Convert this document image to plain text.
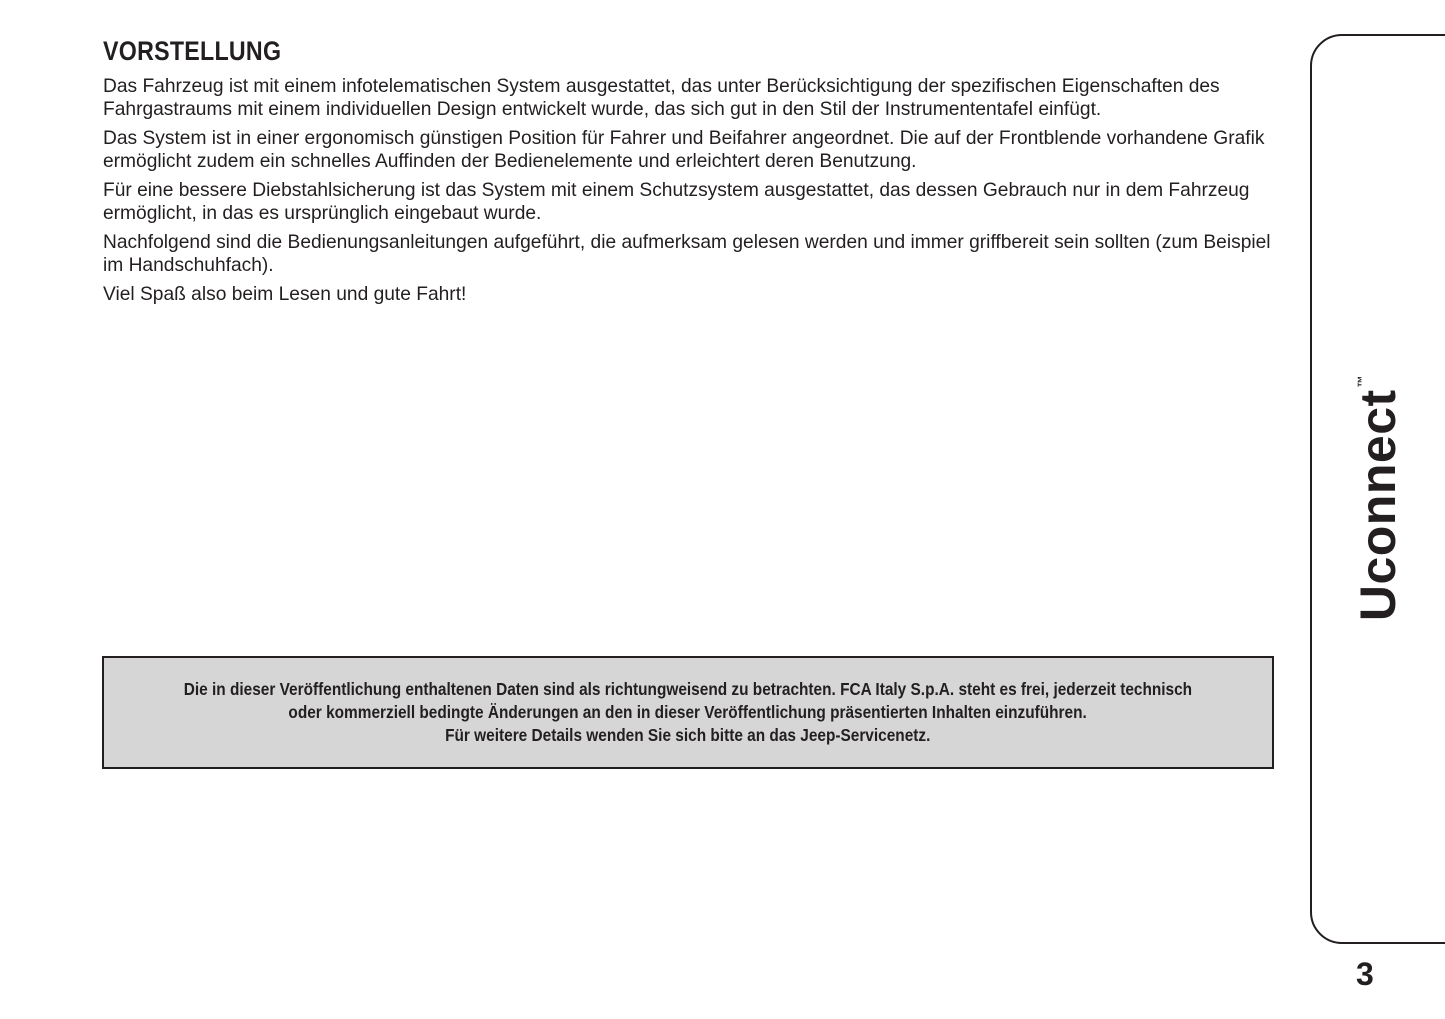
VORSTELLUNG

Das Fahrzeug ist mit einem infotelematischen System ausgestattet, das unter Berücksichtigung der spezifischen Eigenschaften des Fahrgastraums mit einem individuellen Design entwickelt wurde, das sich gut in den Stil der Instrumententafel einfügt.

Das System ist in einer ergonomisch günstigen Position für Fahrer und Beifahrer angeordnet. Die auf der Frontblende vorhandene Grafik ermöglicht zudem ein schnelles Auffinden der Bedienelemente und erleichtert deren Benutzung.

Für eine bessere Diebstahlsicherung ist das System mit einem Schutzsystem ausgestattet, das dessen Gebrauch nur in dem Fahrzeug ermöglicht, in das es ursprünglich eingebaut wurde.

Nachfolgend sind die Bedienungsanleitungen aufgeführt, die aufmerksam gelesen werden und immer griffbereit sein sollten (zum Beispiel im Handschuhfach).

Viel Spaß also beim Lesen und gute Fahrt!

Die in dieser Veröffentlichung enthaltenen Daten sind als richtungweisend zu betrachten. FCA Italy S.p.A. steht es frei, jederzeit technisch
oder kommerziell bedingte Änderungen an den in dieser Veröffentlichung präsentierten Inhalten einzuführen.
Für weitere Details wenden Sie sich bitte an das Jeep-Servicenetz.
Uconnect™
3
